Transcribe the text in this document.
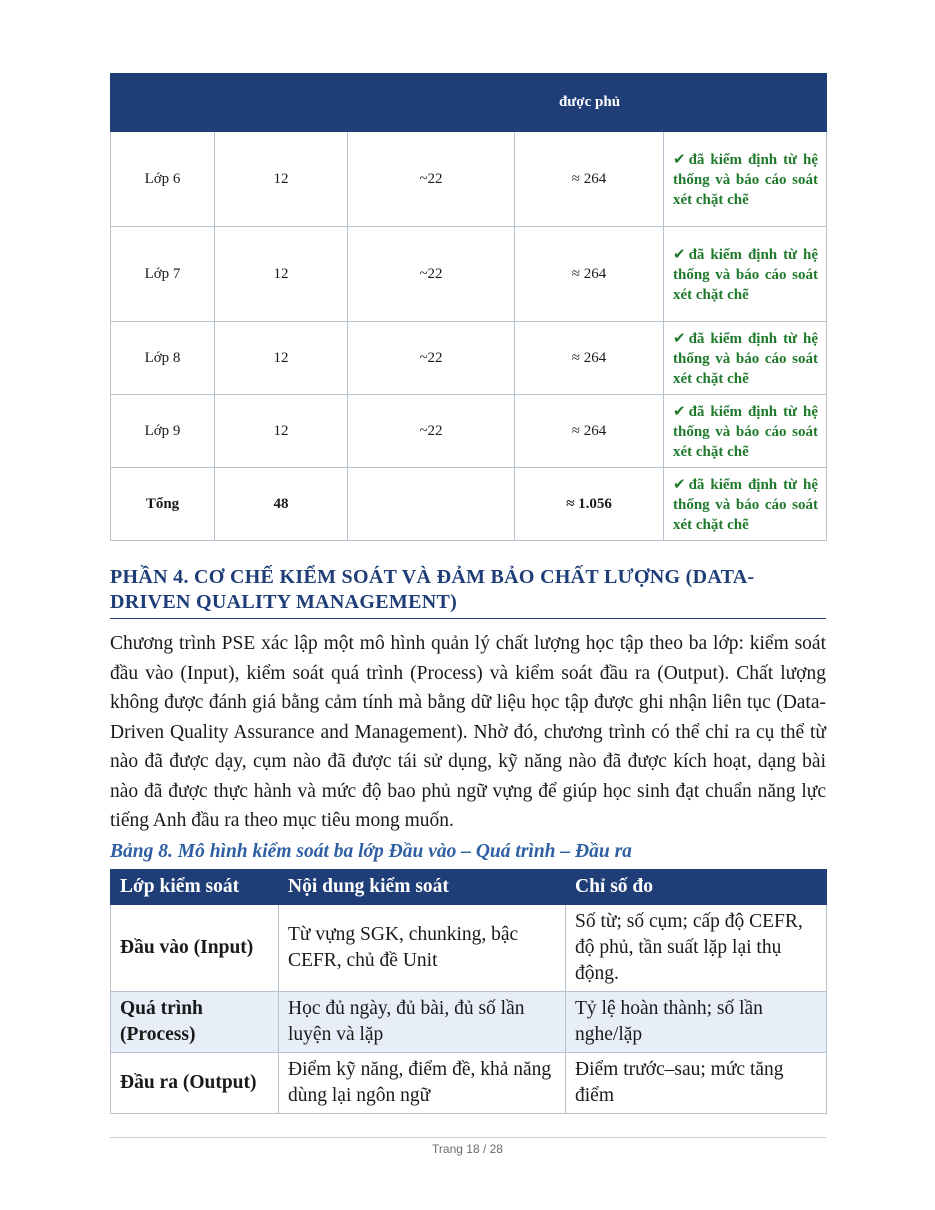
			được phủ	
Lớp 6	12	~22	≈ 264	✔ đã kiểm định từ hệ thống và báo cáo soát xét chặt chẽ
Lớp 7	12	~22	≈ 264	✔ đã kiểm định từ hệ thống và báo cáo soát xét chặt chẽ
Lớp 8	12	~22	≈ 264	✔ đã kiểm định từ hệ thống và báo cáo soát xét chặt chẽ
Lớp 9	12	~22	≈ 264	✔ đã kiểm định từ hệ thống và báo cáo soát xét chặt chẽ
Tổng	48		≈ 1.056	✔ đã kiểm định từ hệ thống và báo cáo soát xét chặt chẽ
PHẦN 4. CƠ CHẾ KIỂM SOÁT VÀ ĐẢM BẢO CHẤT LƯỢNG (DATA-DRIVEN QUALITY MANAGEMENT)
Chương trình PSE xác lập một mô hình quản lý chất lượng học tập theo ba lớp: kiểm soát đầu vào (Input), kiểm soát quá trình (Process) và kiểm soát đầu ra (Output). Chất lượng không được đánh giá bằng cảm tính mà bằng dữ liệu học tập được ghi nhận liên tục (Data-Driven Quality Assurance and Management). Nhờ đó, chương trình có thể chỉ ra cụ thể từ nào đã được dạy, cụm nào đã được tái sử dụng, kỹ năng nào đã được kích hoạt, dạng bài nào đã được thực hành và mức độ bao phủ ngữ vựng để giúp học sinh đạt chuẩn năng lực tiếng Anh đầu ra theo mục tiêu mong muốn.
Bảng 8. Mô hình kiểm soát ba lớp Đầu vào – Quá trình – Đầu ra
Lớp kiểm soát	Nội dung kiểm soát	Chỉ số đo
Đầu vào (Input)	Từ vựng SGK, chunking, bậc CEFR, chủ đề Unit	Số từ; số cụm; cấp độ CEFR, độ phủ, tần suất lặp lại thụ động.
Quá trình (Process)	Học đủ ngày, đủ bài, đủ số lần luyện và lặp	Tỷ lệ hoàn thành; số lần nghe/lặp
Đầu ra (Output)	Điểm kỹ năng, điểm đề, khả năng dùng lại ngôn ngữ	Điểm trước–sau; mức tăng điểm
Trang 18 / 28
